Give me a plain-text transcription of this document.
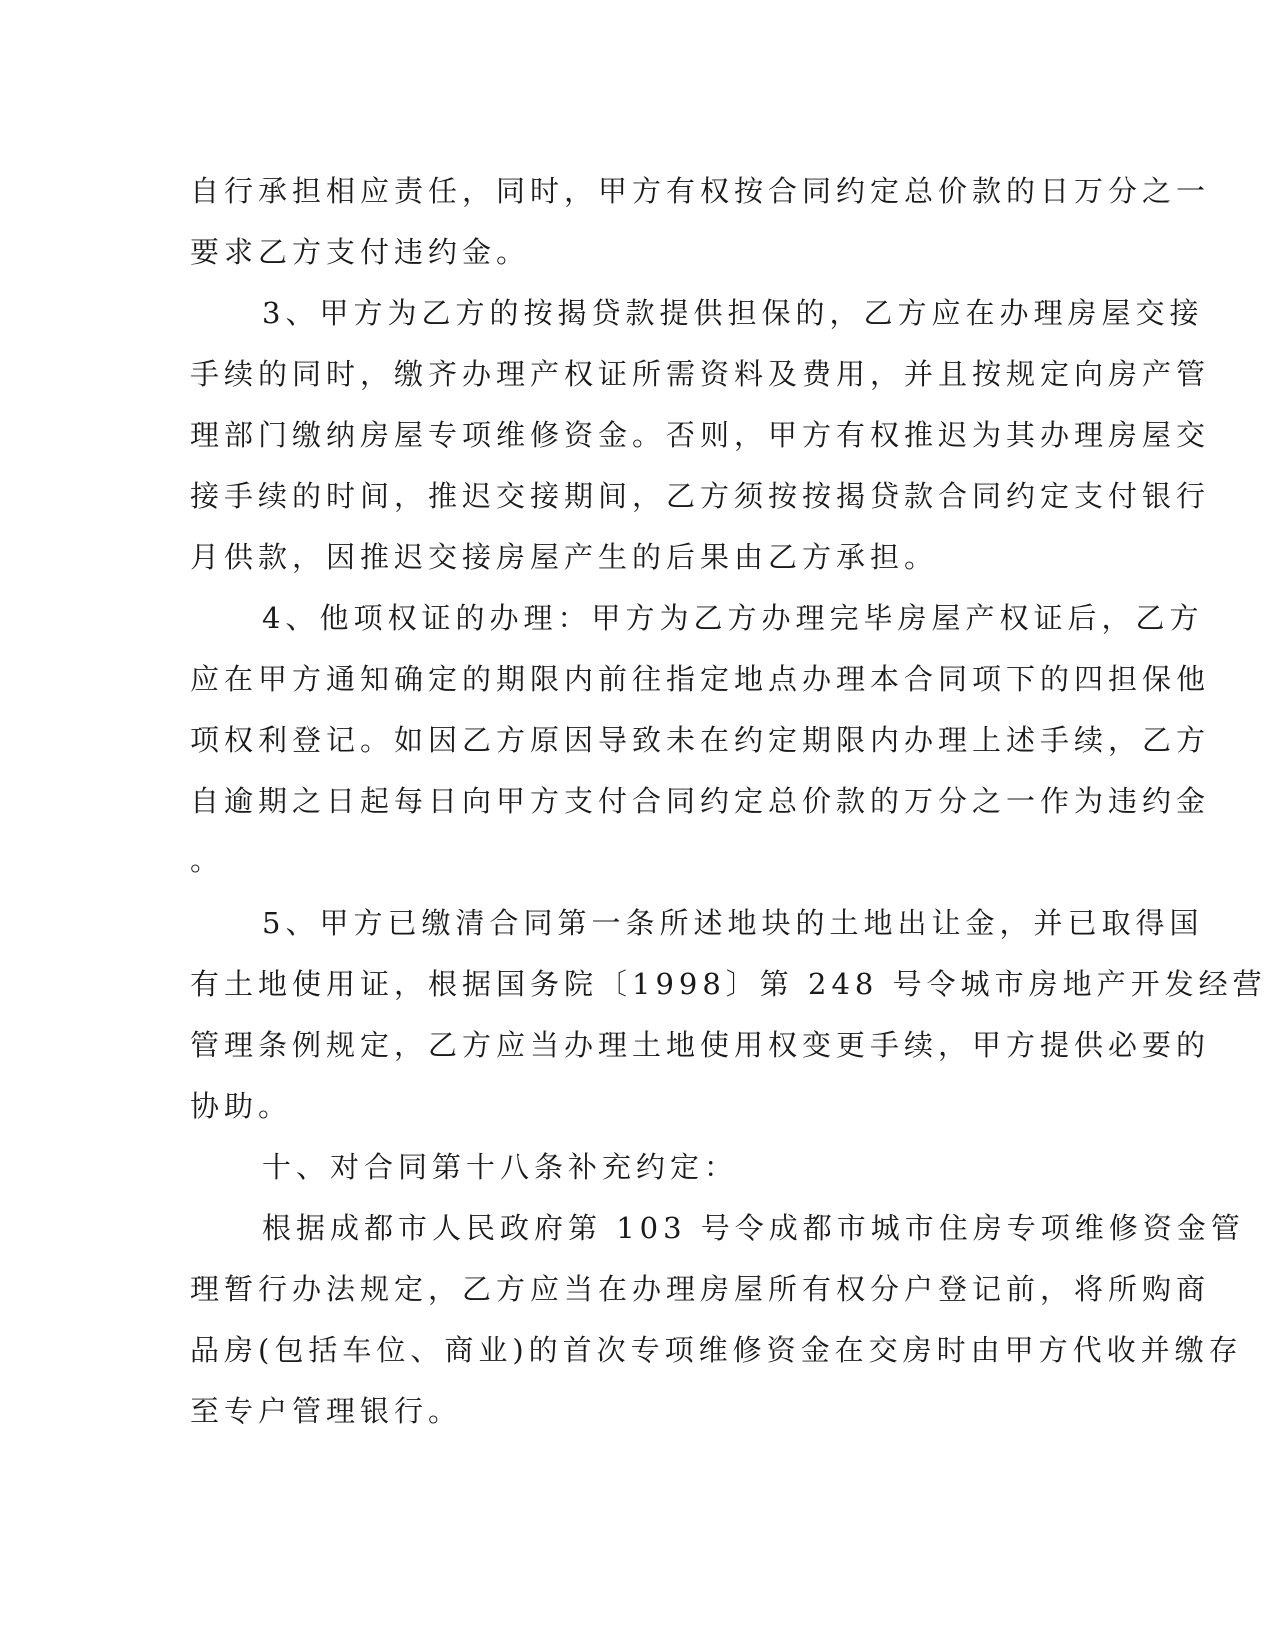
自行承担相应责任，同时，甲方有权按合同约定总价款的日万分之一
要求乙方支付违约金。
3、甲方为乙方的按揭贷款提供担保的，乙方应在办理房屋交接
手续的同时，缴齐办理产权证所需资料及费用，并且按规定向房产管
理部门缴纳房屋专项维修资金。否则，甲方有权推迟为其办理房屋交
接手续的时间，推迟交接期间，乙方须按按揭贷款合同约定支付银行
月供款，因推迟交接房屋产生的后果由乙方承担。
4、他项权证的办理：甲方为乙方办理完毕房屋产权证后，乙方
应在甲方通知确定的期限内前往指定地点办理本合同项下的四担保他
项权利登记。如因乙方原因导致未在约定期限内办理上述手续，乙方
自逾期之日起每日向甲方支付合同约定总价款的万分之一作为违约金
。
5、甲方已缴清合同第一条所述地块的土地出让金，并已取得国
有土地使用证，根据国务院〔1998〕第 248 号令城市房地产开发经营
管理条例规定，乙方应当办理土地使用权变更手续，甲方提供必要的
协助。
十、对合同第十八条补充约定：
根据成都市人民政府第 103 号令成都市城市住房专项维修资金管
理暂行办法规定，乙方应当在办理房屋所有权分户登记前，将所购商
品房(包括车位、商业)的首次专项维修资金在交房时由甲方代收并缴存
至专户管理银行。
